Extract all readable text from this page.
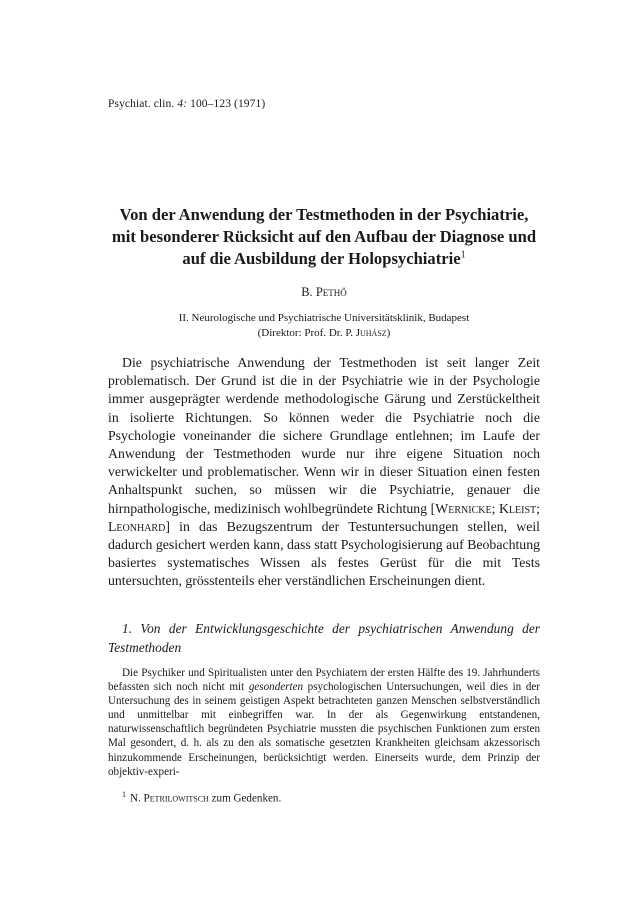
Psychiat. clin. 4: 100–123 (1971)
Von der Anwendung der Testmethoden in der Psychiatrie, mit besonderer Rücksicht auf den Aufbau der Diagnose und auf die Ausbildung der Holopsychiatrie$^1$
B. Pethő
II. Neurologische und Psychiatrische Universitätsklinik, Budapest
(Direktor: Prof. Dr. P. Juhász)

Die psychiatrische Anwendung der Testmethoden ist seit langer Zeit problematisch. Der Grund ist die in der Psychiatrie wie in der Psychologie immer ausgeprägter werdende methodologische Gärung und Zerstückeltheit in isolierte Richtungen. So können weder die Psychiatrie noch die Psychologie voneinander die sichere Grundlage entlehnen; im Laufe der Anwendung der Testmethoden wurde nur ihre eigene Situation noch verwickelter und problematischer. Wenn wir in dieser Situation einen festen Anhaltspunkt suchen, so müssen wir die Psychiatrie, genauer die hirnpathologische, medizinisch wohlbegründete Richtung [Wernicke; Kleist; Leonhard] in das Bezugszentrum der Testuntersuchungen stellen, weil dadurch gesichert werden kann, dass statt Psychologisierung auf Beobachtung basiertes systematisches Wissen als festes Gerüst für die mit Tests untersuchten, grösstenteils eher verständlichen Erscheinungen dient.

1. Von der Entwicklungsgeschichte der psychiatrischen Anwendung der Testmethoden

Die Psychiker und Spiritualisten unter den Psychiatern der ersten Hälfte des 19. Jahrhunderts befassten sich noch nicht mit gesonderten psychologischen Untersuchungen, weil dies in der Untersuchung des in seinem geistigen Aspekt betrachteten ganzen Menschen selbstverständlich und unmittelbar mit einbegriffen war. In der als Gegenwirkung entstandenen, naturwissenschaftlich begründeten Psychiatrie mussten die psychischen Funktionen zum ersten Mal gesondert, d. h. als zu den als somatische gesetzten Krankheiten gleichsam akzessorisch hinzukommende Erscheinungen, berücksichtigt werden. Einerseits wurde, dem Prinzip der objektiv-experi-

$^1$ N. Petrilowitsch zum Gedenken.
